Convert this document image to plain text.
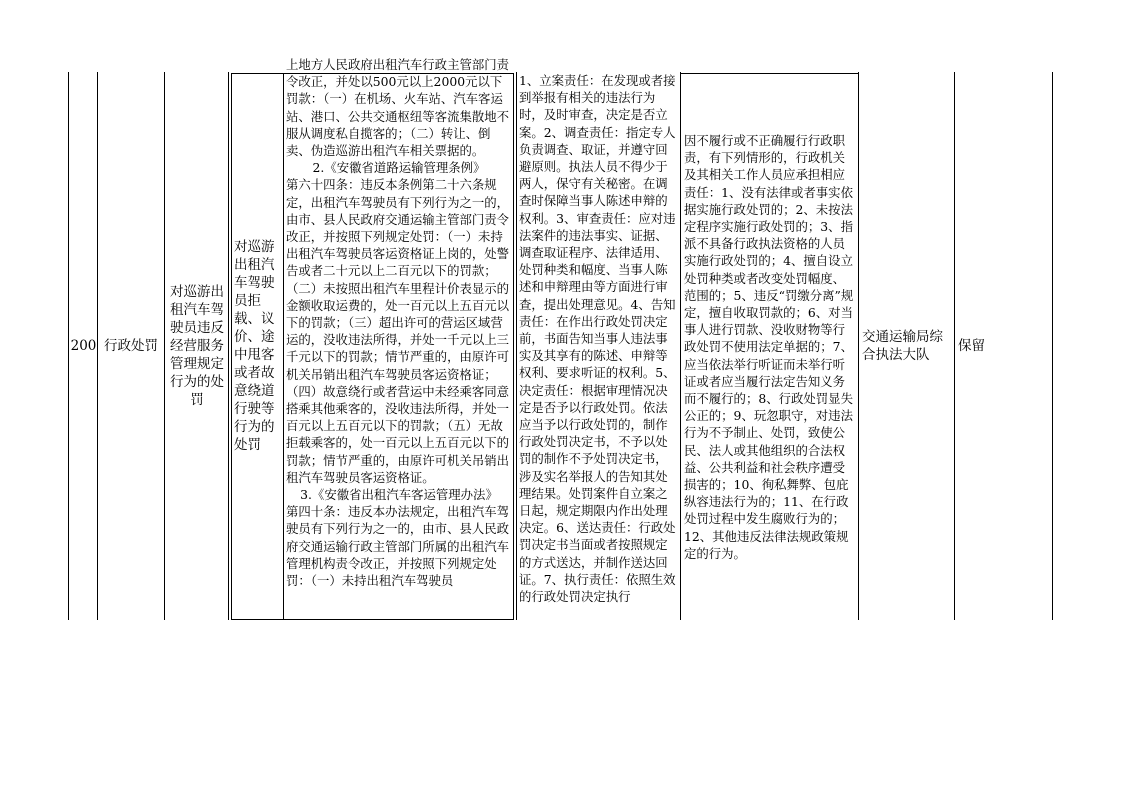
200 行政处罚
对巡游出租汽车驾驶员违反经营服务管理规定行为的处罚
对巡游出租汽车驾驶员拒载、议价、途中甩客或者故意绕道行驶等行为的处罚
上地方人民政府出租汽车行政主管部门责令改正，并处以500元以上2000元以下罚款：（一）在机场、火车站、汽车客运站、港口、公共交通枢纽等客流集散地不服从调度私自揽客的；（二）转让、倒卖、伪造巡游出租汽车相关票据的。
2.《安徽省道路运输管理条例》
第六十四条：违反本条例第二十六条规定，出租汽车驾驶员有下列行为之一的，由市、县人民政府交通运输主管部门责令改正，并按照下列规定处罚：（一）未持出租汽车驾驶员客运资格证上岗的，处警告或者二十元以上二百元以下的罚款；（二）未按照出租汽车里程计价表显示的金额收取运费的，处一百元以上五百元以下的罚款；（三）超出许可的营运区域营运的，没收违法所得，并处一千元以上三千元以下的罚款；情节严重的，由原许可机关吊销出租汽车驾驶员客运资格证；（四）故意绕行或者营运中未经乘客同意搭乘其他乘客的，没收违法所得，并处一百元以上五百元以下的罚款；（五）无故拒载乘客的，处一百元以上五百元以下的罚款；情节严重的，由原许可机关吊销出租汽车驾驶员客运资格证。
3.《安徽省出租汽车客运管理办法》
第四十条：违反本办法规定，出租汽车驾驶员有下列行为之一的，由市、县人民政府交通运输行政主管部门所属的出租汽车管理机构责令改正，并按照下列规定处罚：（一）未持出租汽车驾驶员
1、立案责任：在发现或者接到举报有相关的违法行为时，及时审查，决定是否立案。2、调查责任：指定专人负责调查、取证，并遵守回避原则。执法人员不得少于两人，保守有关秘密。在调查时保障当事人陈述申辩的权利。3、审查责任：应对违法案件的违法事实、证据、调查取证程序、法律适用、处罚种类和幅度、当事人陈述和申辩理由等方面进行审查，提出处理意见。4、告知责任：在作出行政处罚决定前，书面告知当事人违法事实及其享有的陈述、申辩等权利、要求听证的权利。5、决定责任：根据审理情况决定是否予以行政处罚。依法应当予以行政处罚的，制作行政处罚决定书，不予以处罚的制作不予处罚决定书，涉及实名举报人的告知其处理结果。处罚案件自立案之日起，规定期限内作出处理决定。6、送达责任：行政处罚决定书当面或者按照规定的方式送达，并制作送达回证。7、执行责任：依照生效的行政处罚决定执行
因不履行或不正确履行行政职责，有下列情形的，行政机关及其相关工作人员应承担相应责任：1、没有法律或者事实依据实施行政处罚的；2、未按法定程序实施行政处罚的；3、指派不具备行政执法资格的人员实施行政处罚的；4、擅自设立处罚种类或者改变处罚幅度、范围的；5、违反“罚缴分离”规定，擅自收取罚款的；6、对当事人进行罚款、没收财物等行政处罚不使用法定单据的；7、应当依法举行听证而未举行听证或者应当履行法定告知义务而不履行的；8、行政处罚显失公正的；9、玩忽职守，对违法行为不予制止、处罚，致使公民、法人或其他组织的合法权益、公共利益和社会秩序遭受损害的；10、徇私舞弊、包庇纵容违法行为的；11、在行政处罚过程中发生腐败行为的；12、其他违反法律法规政策规定的行为。
交通运输局综合执法大队
保留
